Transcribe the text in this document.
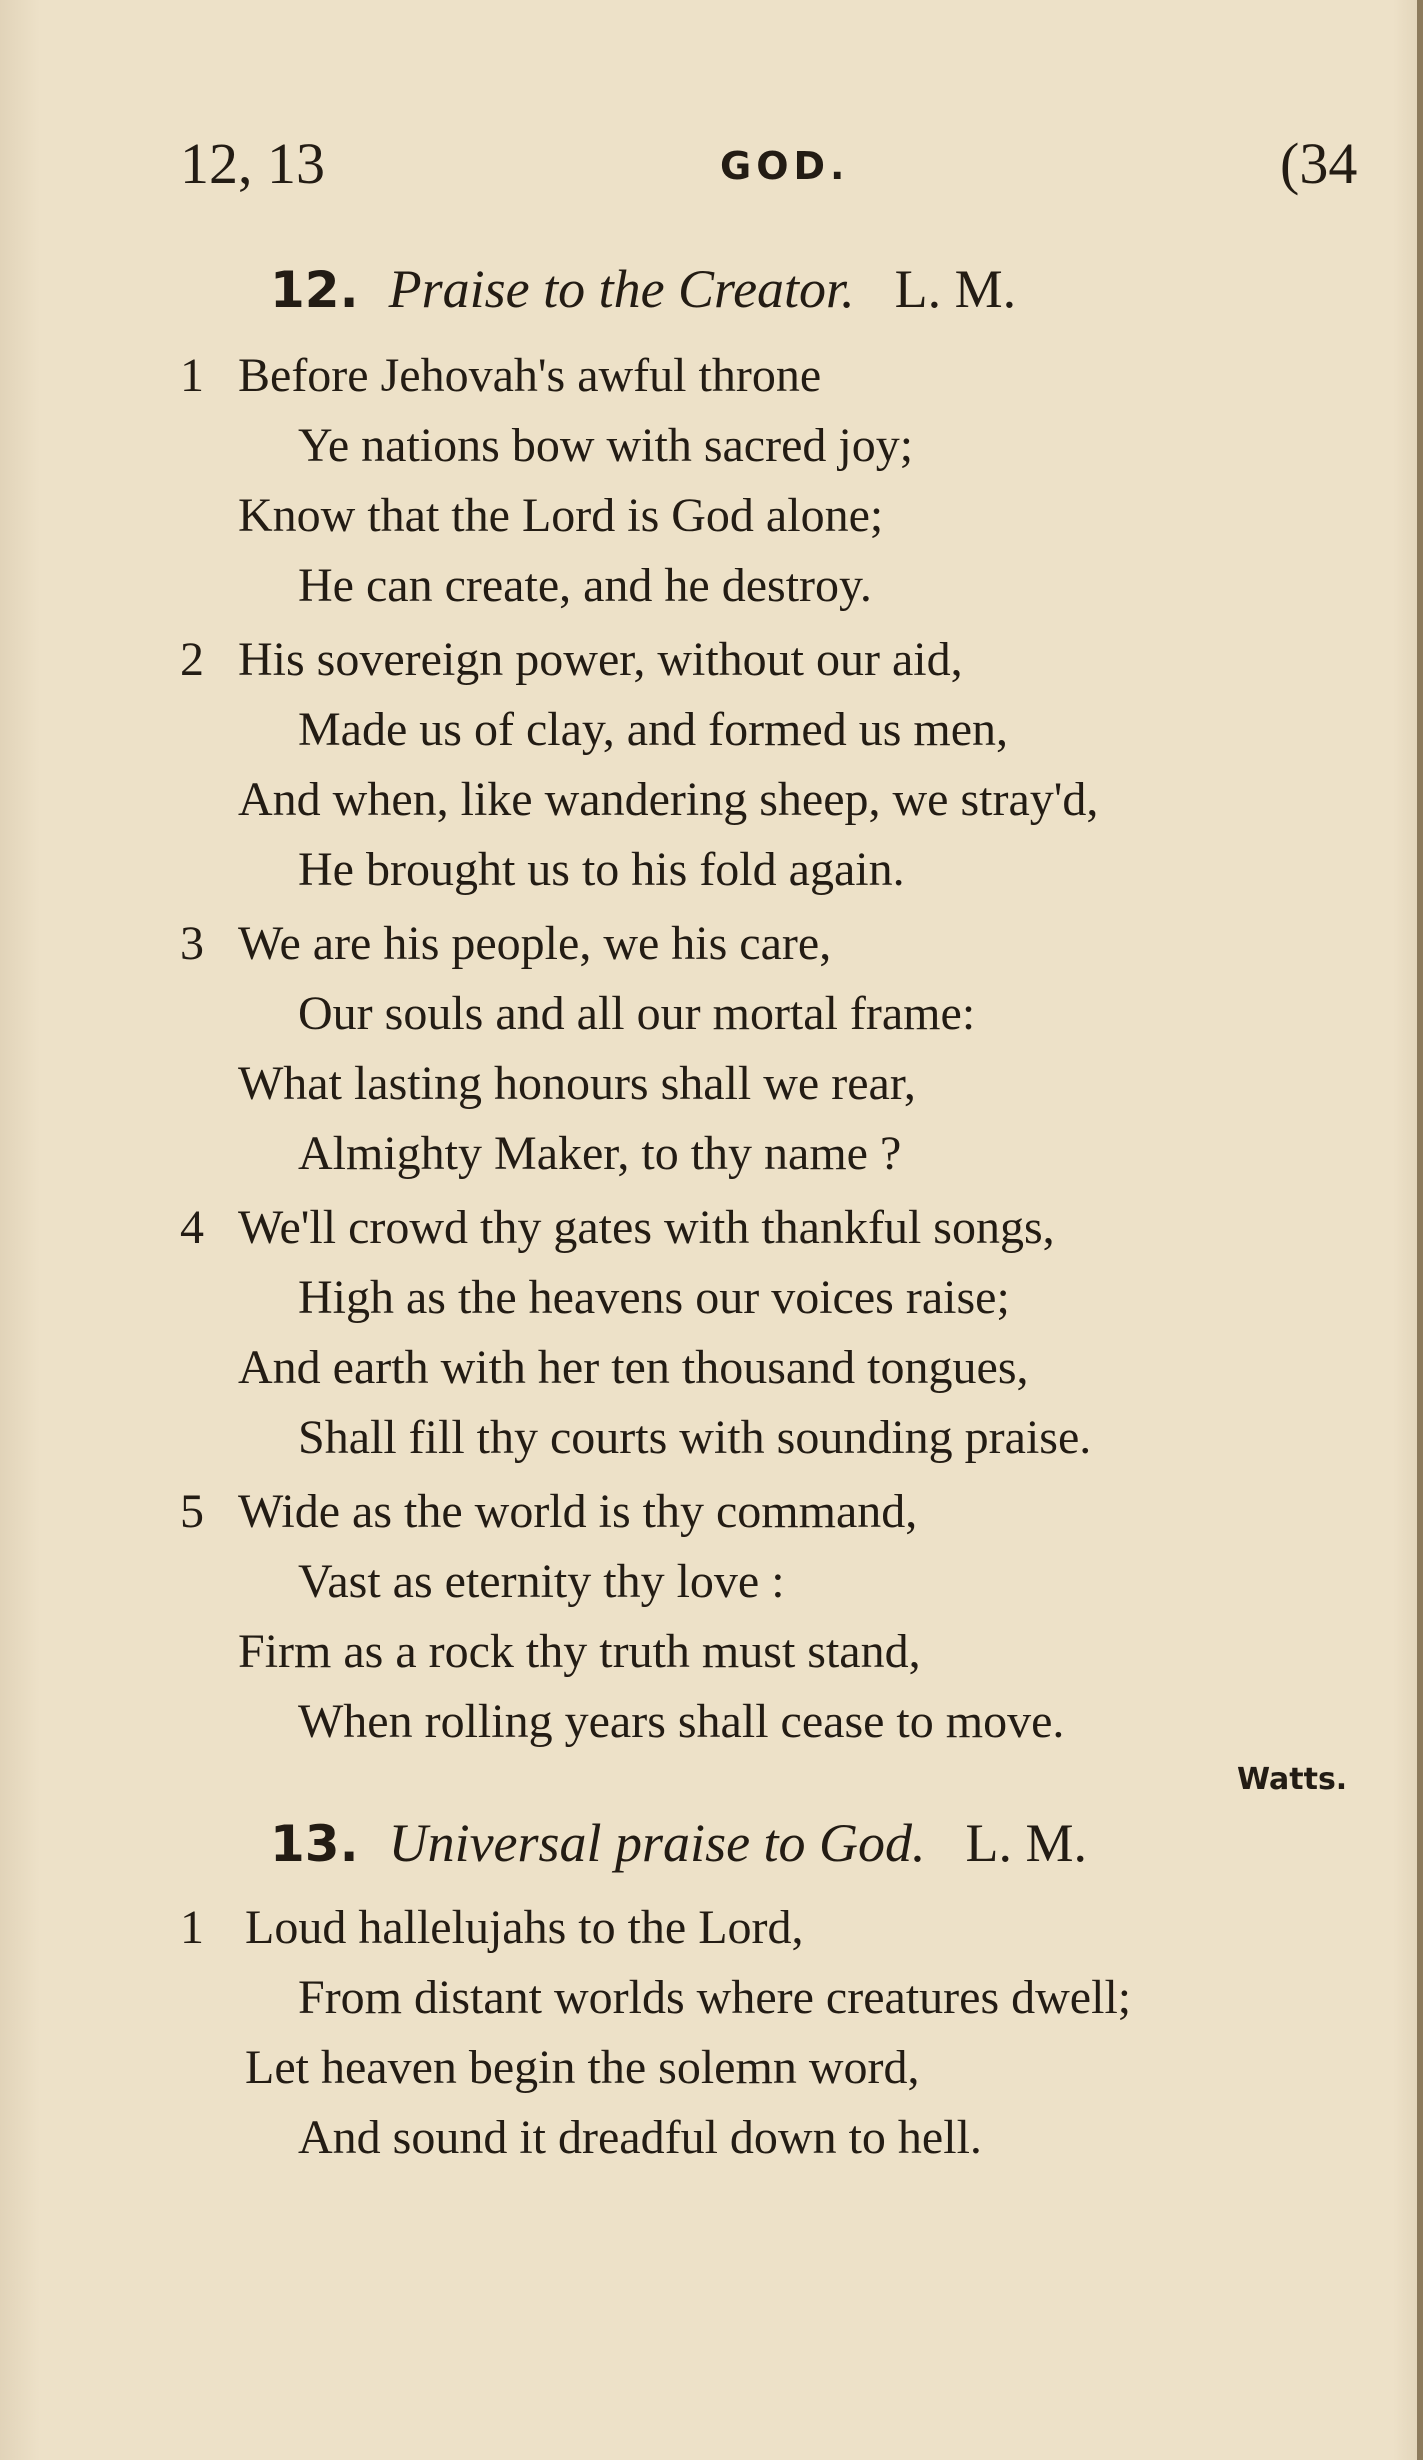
12, 13	GOD.	(34
12. Praise to the Creator. L. M.
1 Before Jehovah's awful throne
Ye nations bow with sacred joy;
Know that the Lord is God alone;
He can create, and he destroy.
2 His sovereign power, without our aid,
Made us of clay, and formed us men,
And when, like wandering sheep, we stray'd,
He brought us to his fold again.
3 We are his people, we his care,
Our souls and all our mortal frame:
What lasting honours shall we rear,
Almighty Maker, to thy name ?
4 We'll crowd thy gates with thankful songs,
High as the heavens our voices raise;
And earth with her ten thousand tongues,
Shall fill thy courts with sounding praise.
5 Wide as the world is thy command,
Vast as eternity thy love :
Firm as a rock thy truth must stand,
When rolling years shall cease to move.
Watts.
13. Universal praise to God. L. M.
1 Loud hallelujahs to the Lord,
From distant worlds where creatures dwell;
Let heaven begin the solemn word,
And sound it dreadful down to hell.
